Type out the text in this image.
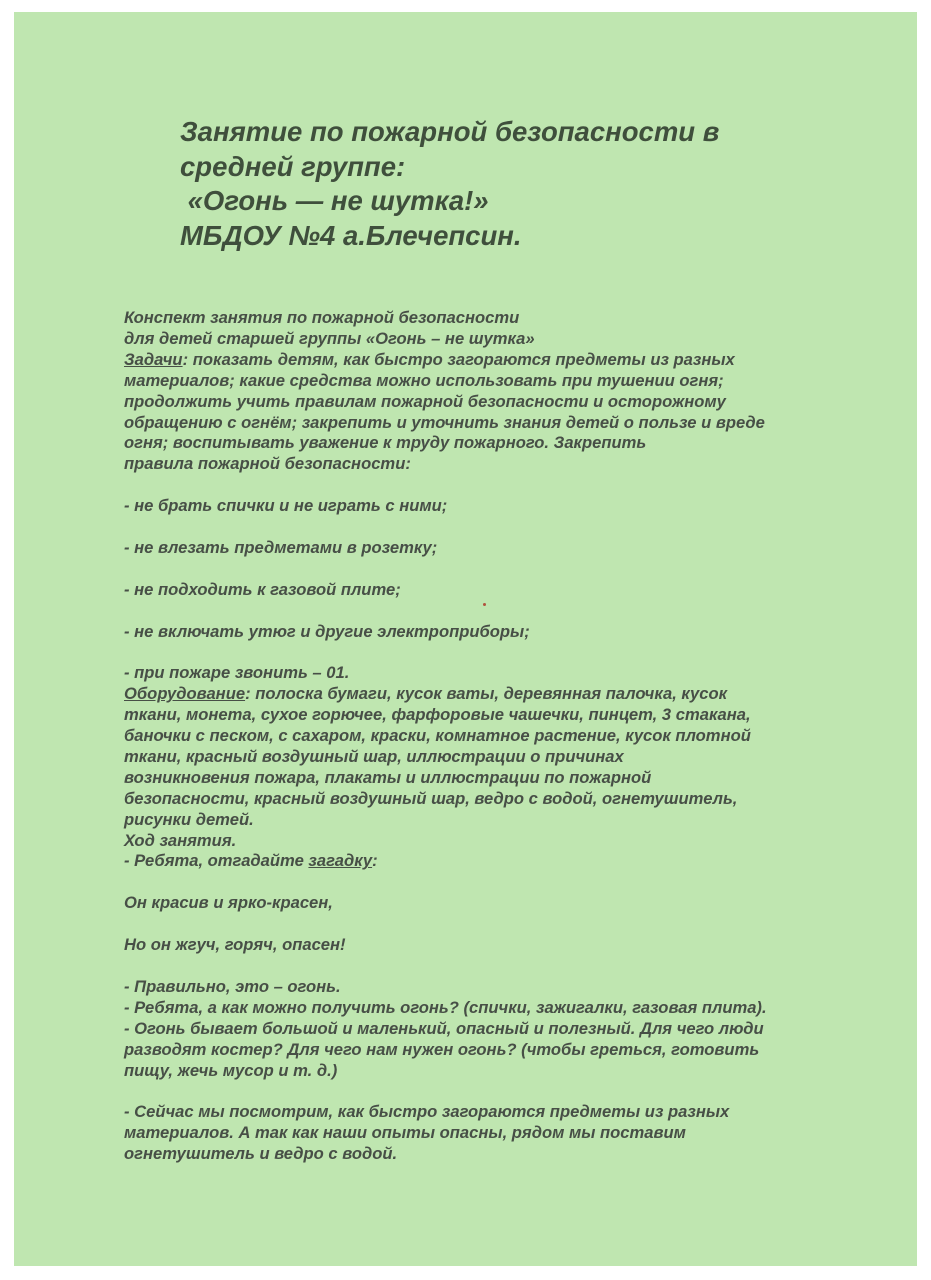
Занятие по пожарной безопасности в
средней группе:
«Огонь — не шутка!»
МБДОУ №4 а.Блечепсин.
Конспект занятия по пожарной безопасности
для детей старшей группы «Огонь – не шутка»
Задачи: показать детям, как быстро загораются предметы из разных
материалов; какие средства можно использовать при тушении огня;
продолжить учить правилам пожарной безопасности и осторожному
обращению с огнём; закрепить и уточнить знания детей о пользе и вреде
огня; воспитывать уважение к труду пожарного. Закрепить
правила пожарной безопасности:
- не брать спички и не играть с ними;
- не влезать предметами в розетку;
- не подходить к газовой плите;
- не включать утюг и другие электроприборы;
- при пожаре звонить – 01.
Оборудование: полоска бумаги, кусок ваты, деревянная палочка, кусок
ткани, монета, сухое горючее, фарфоровые чашечки, пинцет, 3 стакана,
баночки с песком, с сахаром, краски, комнатное растение, кусок плотной
ткани, красный воздушный шар, иллюстрации о причинах
возникновения пожара, плакаты и иллюстрации по пожарной
безопасности, красный воздушный шар, ведро с водой, огнетушитель,
рисунки детей.
Ход занятия.
- Ребята, отгадайте загадку:
Он красив и ярко-красен,
Но он жгуч, горяч, опасен!
- Правильно, это – огонь.
- Ребята, а как можно получить огонь? (спички, зажигалки, газовая плита).
- Огонь бывает большой и маленький, опасный и полезный. Для чего люди
разводят костер? Для чего нам нужен огонь? (чтобы греться, готовить
пищу, жечь мусор и т. д.)
- Сейчас мы посмотрим, как быстро загораются предметы из разных
материалов. А так как наши опыты опасны, рядом мы поставим
огнетушитель и ведро с водой.
